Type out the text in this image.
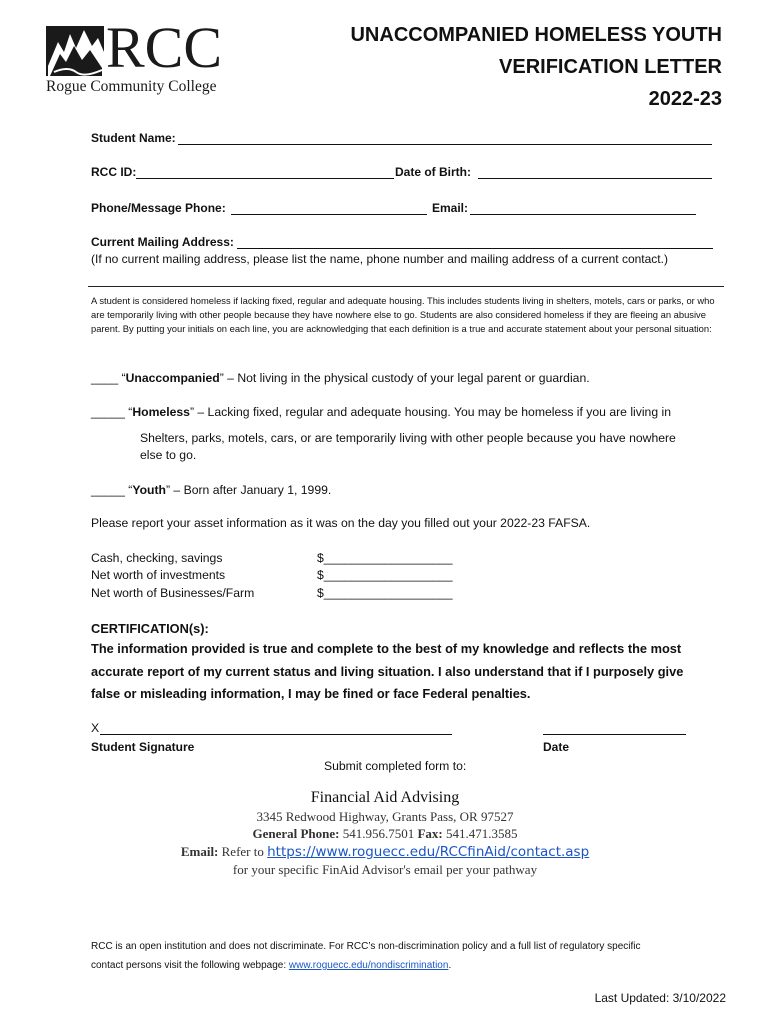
RCC
Rogue Community College
UNACCOMPANIED HOMELESS YOUTH
VERIFICATION LETTER
2022-23
Student Name:
RCC ID:	Date of Birth:
Phone/Message Phone:	Email:
Current Mailing Address:
(If no current mailing address, please list the name, phone number and mailing address of a current contact.)
A student is considered homeless if lacking fixed, regular and adequate housing. This includes students living in shelters, motels, cars or parks, or who are temporarily living with other people because they have nowhere else to go. Students are also considered homeless if they are fleeing an abusive parent. By putting your initials on each line, you are acknowledging that each definition is a true and accurate statement about your personal situation:
____ “Unaccompanied” – Not living in the physical custody of your legal parent or guardian.
_____ “Homeless” – Lacking fixed, regular and adequate housing. You may be homeless if you are living in
Shelters, parks, motels, cars, or are temporarily living with other people because you have nowhere
else to go.
_____ “Youth” – Born after January 1, 1999.
Please report your asset information as it was on the day you filled out your 2022-23 FAFSA.
Cash, checking, savings	$___________________
Net worth of investments	$___________________
Net worth of Businesses/Farm	$___________________
CERTIFICATION(s):
The information provided is true and complete to the best of my knowledge and reflects the most
accurate report of my current status and living situation. I also understand that if I purposely give
false or misleading information, I may be fined or face Federal penalties.
X
Student Signature	Date
Submit completed form to:
Financial Aid Advising
3345 Redwood Highway, Grants Pass, OR 97527
General Phone: 541.956.7501 Fax: 541.471.3585
Email: Refer to https://www.roguecc.edu/RCCfinAid/contact.asp
for your specific FinAid Advisor's email per your pathway
RCC is an open institution and does not discriminate. For RCC’s non-discrimination policy and a full list of regulatory specific
contact persons visit the following webpage: www.roguecc.edu/nondiscrimination.
Last Updated: 3/10/2022
